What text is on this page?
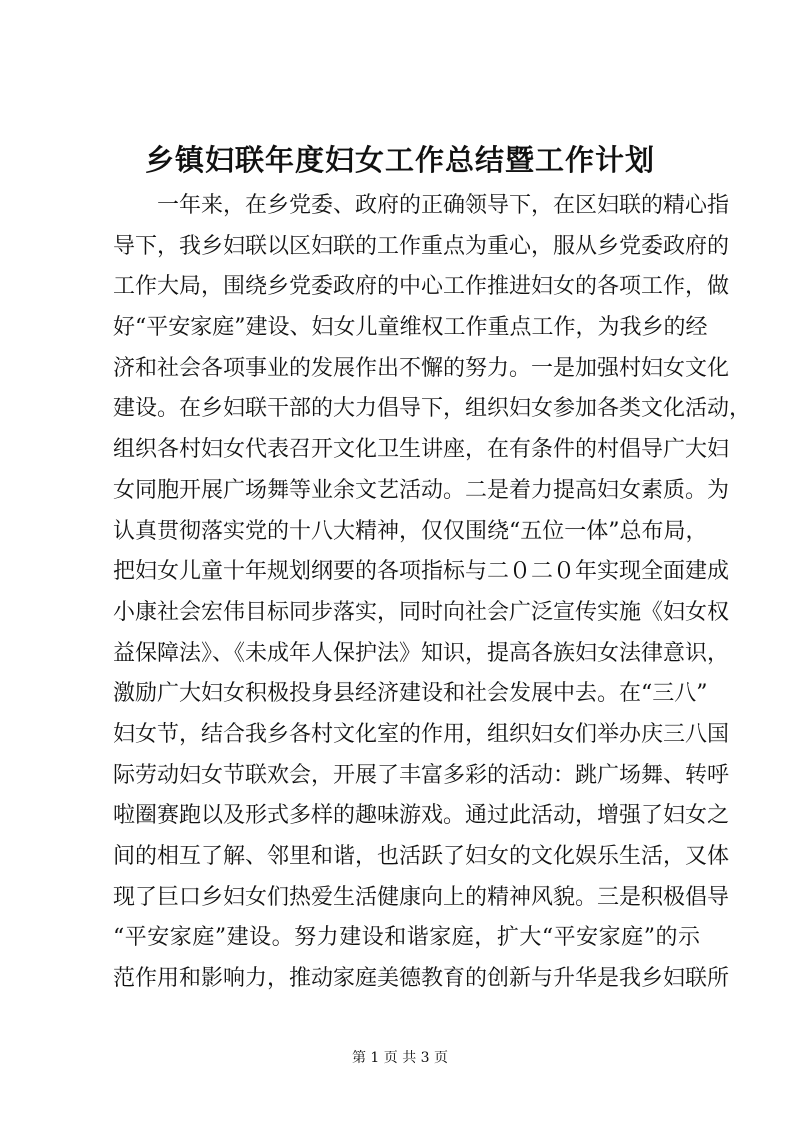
乡镇妇联年度妇女工作总结暨工作计划
一年来，在乡党委、政府的正确领导下，在区妇联的精心指
导下，我乡妇联以区妇联的工作重点为重心，服从乡党委政府的
工作大局，围绕乡党委政府的中心工作推进妇女的各项工作，做
好“平安家庭”建设、妇女儿童维权工作重点工作，为我乡的经
济和社会各项事业的发展作出不懈的努力。一是加强村妇女文化
建设。在乡妇联干部的大力倡导下，组织妇女参加各类文化活动，
组织各村妇女代表召开文化卫生讲座，在有条件的村倡导广大妇
女同胞开展广场舞等业余文艺活动。二是着力提高妇女素质。为
认真贯彻落实党的十八大精神，仅仅围绕“五位一体”总布局，
把妇女儿童十年规划纲要的各项指标与二０二０年实现全面建成
小康社会宏伟目标同步落实，同时向社会广泛宣传实施《妇女权
益保障法》、《未成年人保护法》知识，提高各族妇女法律意识，
激励广大妇女积极投身县经济建设和社会发展中去。在“三八”
妇女节，结合我乡各村文化室的作用，组织妇女们举办庆三八国
际劳动妇女节联欢会，开展了丰富多彩的活动：跳广场舞、转呼
啦圈赛跑以及形式多样的趣味游戏。通过此活动，增强了妇女之
间的相互了解、邻里和谐，也活跃了妇女的文化娱乐生活，又体
现了巨口乡妇女们热爱生活健康向上的精神风貌。三是积极倡导
“平安家庭”建设。努力建设和谐家庭，扩大“平安家庭”的示
范作用和影响力，推动家庭美德教育的创新与升华是我乡妇联所
第 1 页 共 3 页
